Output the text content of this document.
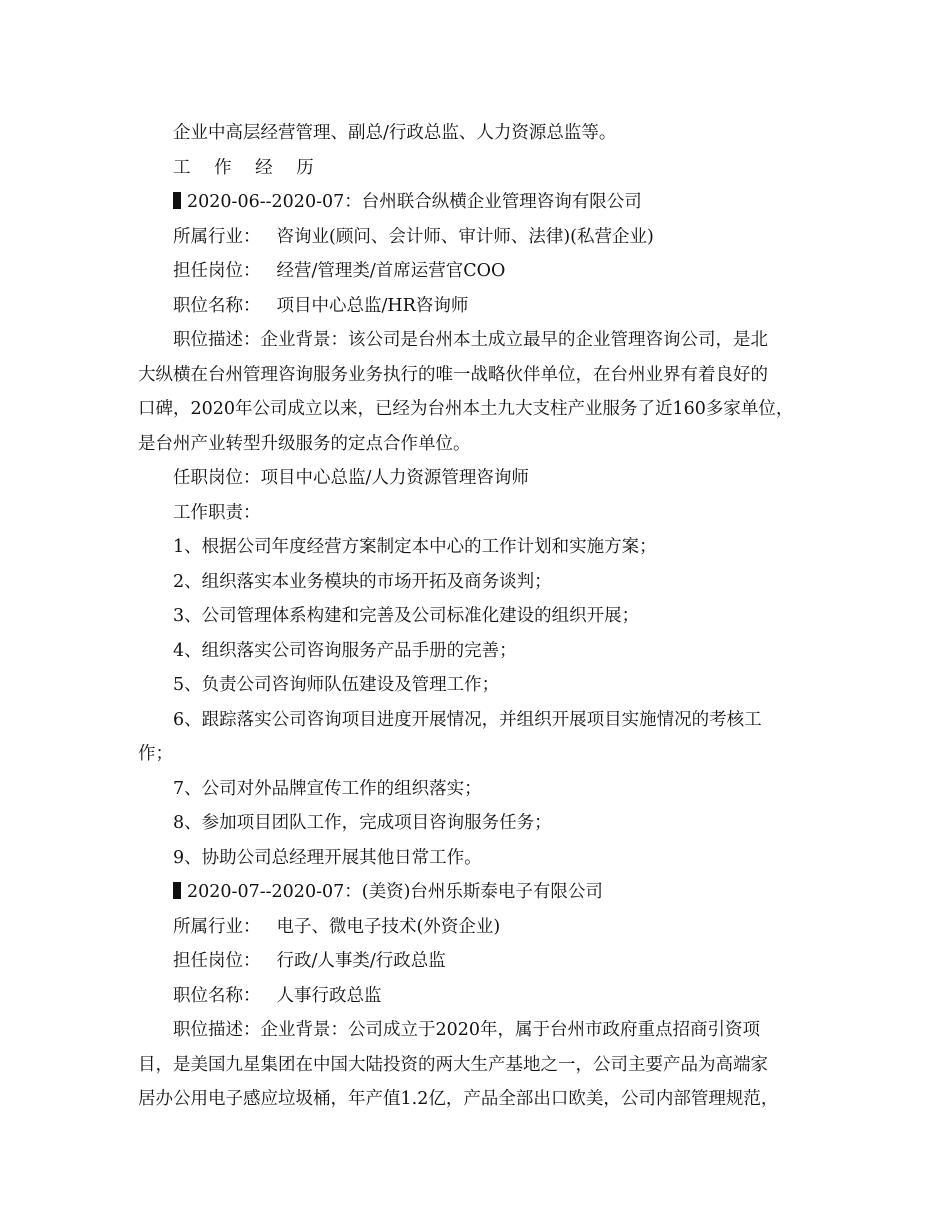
企业中高层经营管理、副总/行政总监、人力资源总监等。
工 作 经 历
2020-06--2020-07：台州联合纵横企业管理咨询有限公司
所属行业： 咨询业(顾问、会计师、审计师、法律)(私营企业)
担任岗位： 经营/管理类/首席运营官COO
职位名称： 项目中心总监/HR咨询师
职位描述：企业背景：该公司是台州本土成立最早的企业管理咨询公司，是北
大纵横在台州管理咨询服务业务执行的唯一战略伙伴单位，在台州业界有着良好的
口碑，2020年公司成立以来，已经为台州本土九大支柱产业服务了近160多家单位，
是台州产业转型升级服务的定点合作单位。
任职岗位：项目中心总监/人力资源管理咨询师
工作职责：
1、根据公司年度经营方案制定本中心的工作计划和实施方案；
2、组织落实本业务模块的市场开拓及商务谈判；
3、公司管理体系构建和完善及公司标准化建设的组织开展；
4、组织落实公司咨询服务产品手册的完善；
5、负责公司咨询师队伍建设及管理工作；
6、跟踪落实公司咨询项目进度开展情况，并组织开展项目实施情况的考核工
作；
7、公司对外品牌宣传工作的组织落实；
8、参加项目团队工作，完成项目咨询服务任务；
9、协助公司总经理开展其他日常工作。
2020-07--2020-07：(美资)台州乐斯泰电子有限公司
所属行业： 电子、微电子技术(外资企业)
担任岗位： 行政/人事类/行政总监
职位名称： 人事行政总监
职位描述：企业背景：公司成立于2020年，属于台州市政府重点招商引资项
目，是美国九星集团在中国大陆投资的两大生产基地之一，公司主要产品为高端家
居办公用电子感应垃圾桶，年产值1.2亿，产品全部出口欧美，公司内部管理规范，
